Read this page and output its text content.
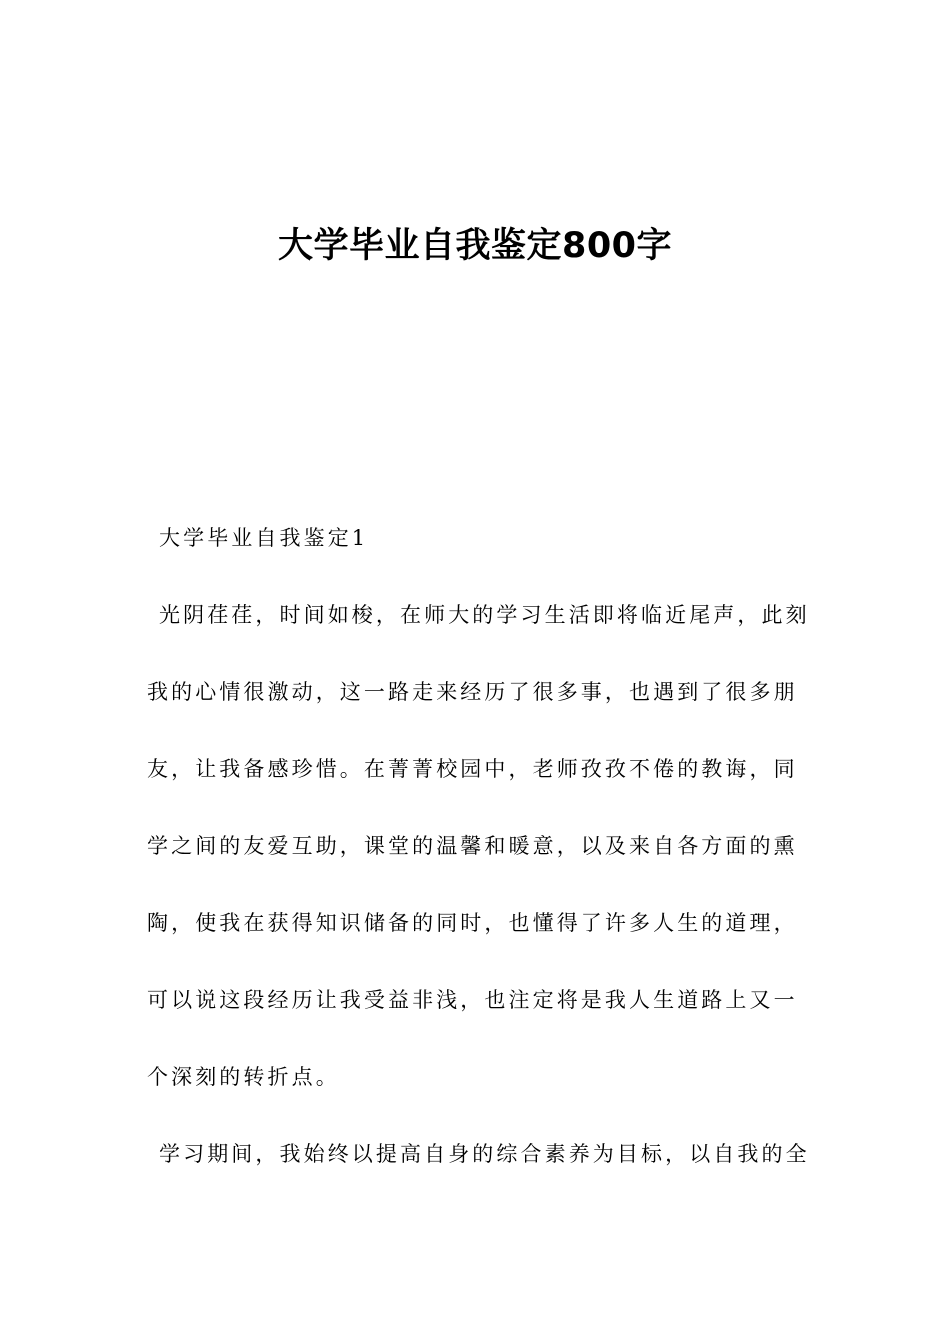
大学毕业自我鉴定800字
大学毕业自我鉴定1
光阴荏荏，时间如梭，在师大的学习生活即将临近尾声，此刻
我的心情很激动，这一路走来经历了很多事，也遇到了很多朋
友，让我备感珍惜。在菁菁校园中，老师孜孜不倦的教诲，同
学之间的友爱互助，课堂的温馨和暖意，以及来自各方面的熏
陶，使我在获得知识储备的同时，也懂得了许多人生的道理，
可以说这段经历让我受益非浅，也注定将是我人生道路上又一
个深刻的转折点。
学习期间，我始终以提高自身的综合素养为目标，以自我的全
